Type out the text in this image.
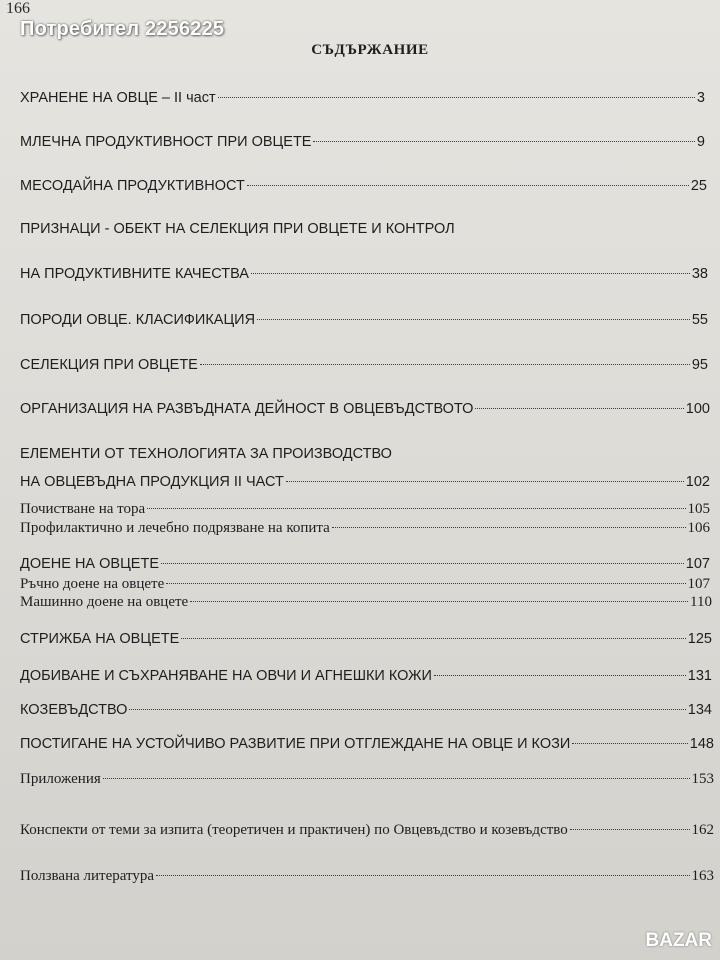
166
Потребител 2256225
СЪДЪРЖАНИЕ
ХРАНЕНЕ НА ОВЦЕ – II част	3
МЛЕЧНА ПРОДУКТИВНОСТ ПРИ ОВЦЕТЕ	9
МЕСОДАЙНА ПРОДУКТИВНОСТ	25
ПРИЗНАЦИ - ОБЕКТ НА СЕЛЕКЦИЯ ПРИ ОВЦЕТЕ И КОНТРОЛ
НА ПРОДУКТИВНИТЕ КАЧЕСТВА	38
ПОРОДИ ОВЦЕ. КЛАСИФИКАЦИЯ	55
СЕЛЕКЦИЯ ПРИ ОВЦЕТЕ	95
ОРГАНИЗАЦИЯ НА РАЗВЪДНАТА ДЕЙНОСТ В ОВЦЕВЪДСТВОТО	100
ЕЛЕМЕНТИ ОТ ТЕХНОЛОГИЯТА ЗА ПРОИЗВОДСТВО
НА ОВЦЕВЪДНА ПРОДУКЦИЯ II ЧАСТ	102
Почистване на тора	105
Профилактично и лечебно подрязване на копита	106
ДОЕНЕ НА ОВЦЕТЕ	107
Ръчно доене на овцете	107
Машинно доене на овцете	110
СТРИЖБА НА ОВЦЕТЕ	125
ДОБИВАНЕ И СЪХРАНЯВАНЕ НА ОВЧИ И АГНЕШКИ КОЖИ	131
КОЗЕВЪДСТВО	134
ПОСТИГАНЕ НА УСТОЙЧИВО РАЗВИТИЕ ПРИ ОТГЛЕЖДАНЕ НА ОВЦЕ И КОЗИ	148
Приложения	153
Конспекти от теми за изпита (теоретичен и практичен) по Овцевъдство и козевъдство	162
Ползвана литература	163
BAZAR
